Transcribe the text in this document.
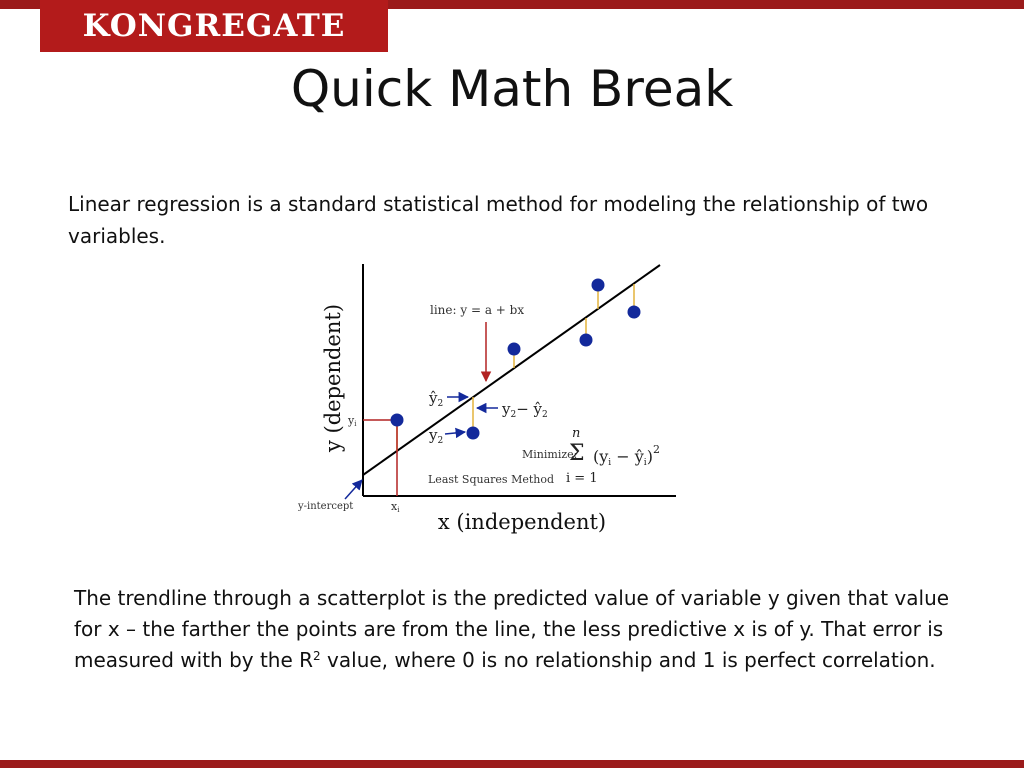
KONGREGATE
Quick Math Break
Linear regression is a standard statistical method for modeling the relationship of two variables.
y (dependent)
x (independent)
line: y = a + bx
y-intercept
yi
xi
$ŷ_2$	$y_2-$ $ŷ_2$
$y_2$
Minimize:
Least Squares Method
n
Σ
i = 1
(yi − ŷi)$^2$
The trendline through a scatterplot is the predicted value of variable y given that value for x – the farther the points are from the line, the less predictive x is of y. That error is measured with by the $R^2$ value, where 0 is no relationship and 1 is perfect correlation.
